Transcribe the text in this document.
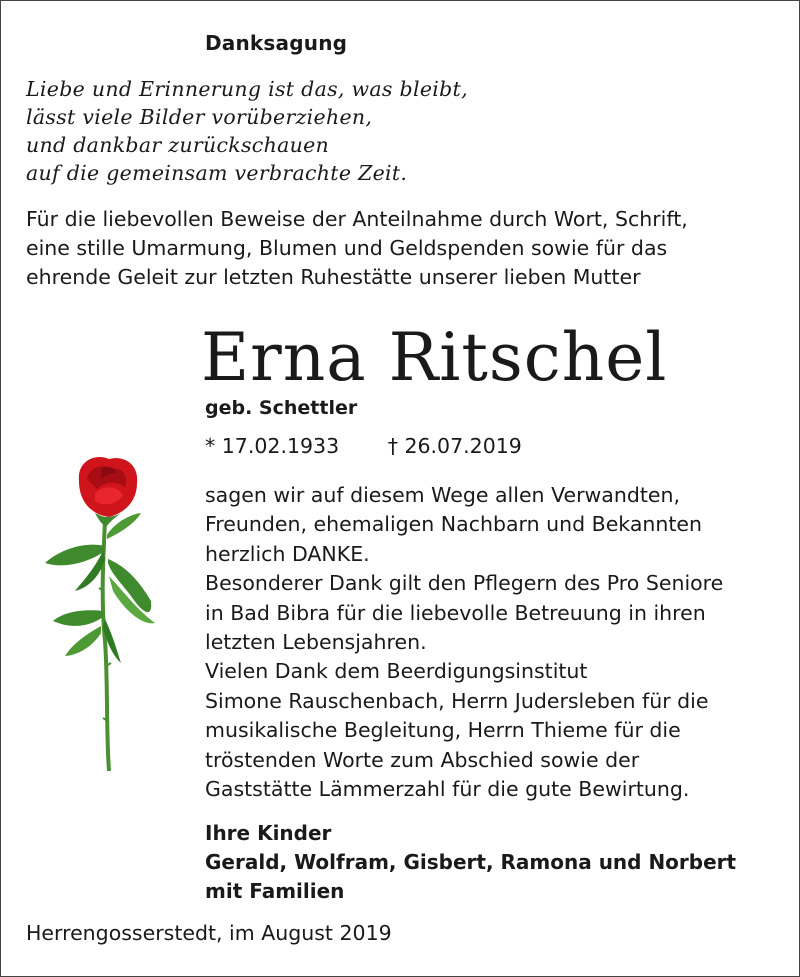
Danksagung
Liebe und Erinnerung ist das, was bleibt,
lässt viele Bilder vorüberziehen,
und dankbar zurückschauen
auf die gemeinsam verbrachte Zeit.
Für die liebevollen Beweise der Anteilnahme durch Wort, Schrift,
eine stille Umarmung, Blumen und Geldspenden sowie für das
ehrende Geleit zur letzten Ruhestätte unserer lieben Mutter
Erna Ritschel
geb. Schettler
* 17.02.1933 † 26.07.2019
sagen wir auf diesem Wege allen Verwandten,
Freunden, ehemaligen Nachbarn und Bekannten
herzlich DANKE.
Besonderer Dank gilt den Pflegern des Pro Seniore
in Bad Bibra für die liebevolle Betreuung in ihren
letzten Lebensjahren.
Vielen Dank dem Beerdigungsinstitut
Simone Rauschenbach, Herrn Judersleben für die
musikalische Begleitung, Herrn Thieme für die
tröstenden Worte zum Abschied sowie der
Gaststätte Lämmerzahl für die gute Bewirtung.
Ihre Kinder
Gerald, Wolfram, Gisbert, Ramona und Norbert
mit Familien
Herrengosserstedt, im August 2019
